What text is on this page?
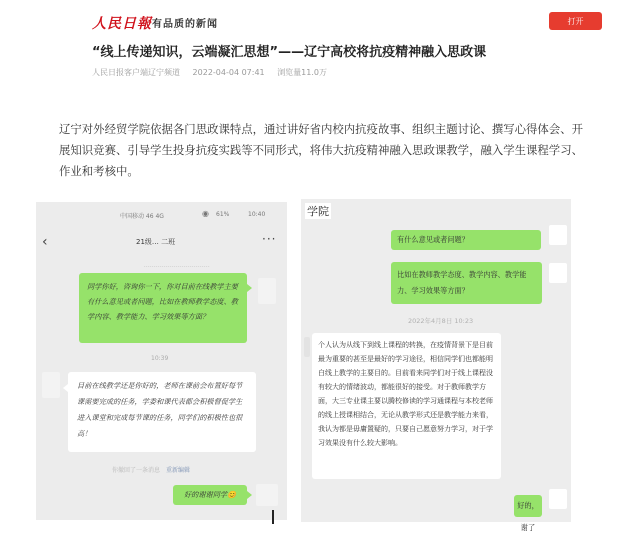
人民日報 有品质的新闻	打开
“线上传递知识，云端凝汇思想”——辽宁高校将抗疫精神融入思政课
人民日报客户端辽宁频道 2022-04-04 07:41 浏览量11.0万
辽宁对外经贸学院依据各门思政课特点，通过讲好省内校内抗疫故事、组织主题讨论、撰写心得体会、开展知识竞赛、引导学生投身抗疫实践等不同形式，将伟大抗疫精神融入思政课教学，融入学生课程学习、作业和考核中。
中国移动 46 4G	◉ 61%	10:40
‹	21级… 二班	···
……………………………
同学你好，咨询你一下，你对目前在线教学主要有什么意见或者问题，比如在教师教学态度、教学内容、教学能力、学习效果等方面？
10:39
目前在线教学还是你好的，老师在课前会布置好每节课需要完成的任务，学委和课代表都会积极督促学生进入课堂和完成每节课的任务，同学们的积极性也很高！
你撤回了一条消息 重新编辑
好的谢谢同学😊
学院
有什么意见或者问题？
比如在教师教学态度、教学内容、教学能力、学习效果等方面？
2022年4月8日 10:23
个人认为从线下到线上课程的转换，在疫情背景下是目前最为重要的甚至是最好的学习途径，相信同学们也都能明白线上教学的主要目的。目前看来同学们对于线上课程没有较大的情绪波动，都能很好的接受。对于教师教学方面，大三专业课主要以腾校修读的学习通课程与本校老师的线上授课相结合，无论从教学形式还是教学能力来看，我认为都是毋庸置疑的，只要自己愿意努力学习，对于学习效果没有什么较大影响。
好的，谢了
